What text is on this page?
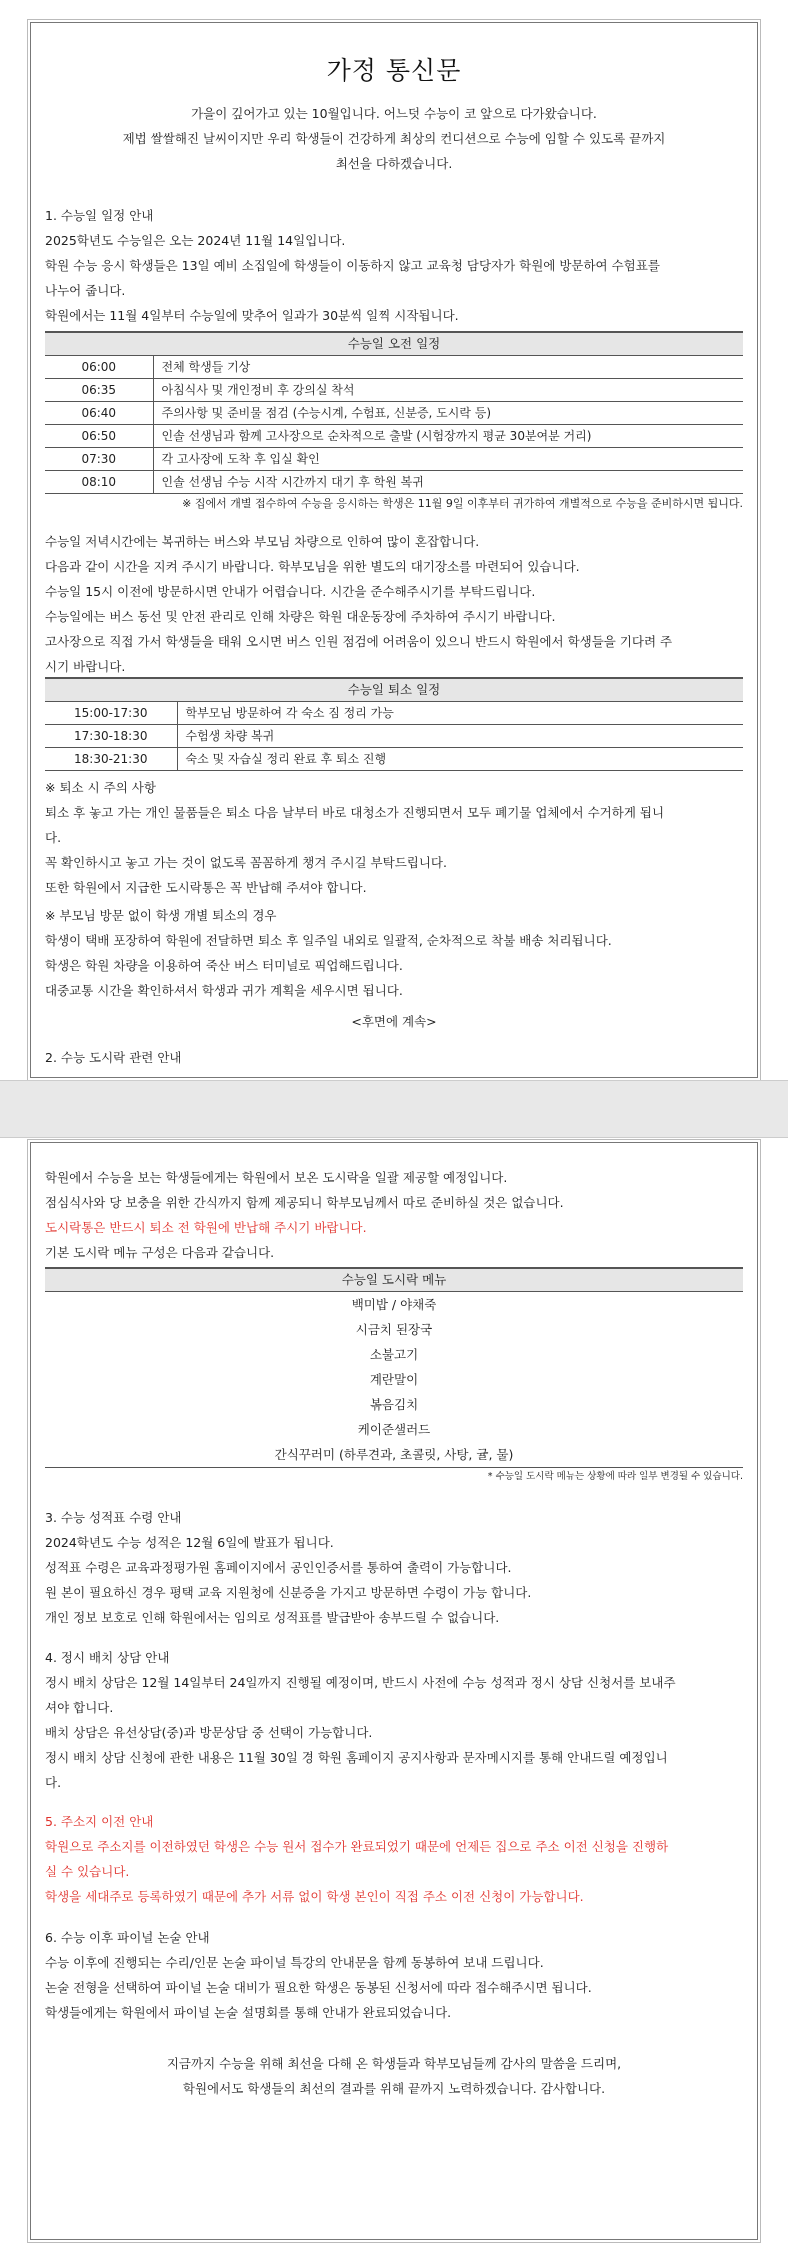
가정 통신문

가을이 깊어가고 있는 10월입니다. 어느덧 수능이 코 앞으로 다가왔습니다.

제법 쌀쌀해진 날씨이지만 우리 학생들이 건강하게 최상의 컨디션으로 수능에 임할 수 있도록 끝까지

최선을 다하겠습니다.

1. 수능일 일정 안내

2025학년도 수능일은 오는 2024년 11월 14일입니다.

학원 수능 응시 학생들은 13일 예비 소집일에 학생들이 이동하지 않고 교육청 담당자가 학원에 방문하여 수험표를

나누어 줍니다.

학원에서는 11월 4일부터 수능일에 맞추어 일과가 30분씩 일찍 시작됩니다.

수능일 오전 일정
06:00	전체 학생들 기상
06:35	아침식사 및 개인정비 후 강의실 착석
06:40	주의사항 및 준비물 점검 (수능시계, 수험표, 신분증, 도시락 등)
06:50	인솔 선생님과 함께 고사장으로 순차적으로 출발 (시험장까지 평균 30분여분 거리)
07:30	각 고사장에 도착 후 입실 확인
08:10	인솔 선생님 수능 시작 시간까지 대기 후 학원 복귀

※ 집에서 개별 접수하여 수능을 응시하는 학생은 11월 9일 이후부터 귀가하여 개별적으로 수능을 준비하시면 됩니다.

수능일 저녁시간에는 복귀하는 버스와 부모님 차량으로 인하여 많이 혼잡합니다.

다음과 같이 시간을 지켜 주시기 바랍니다. 학부모님을 위한 별도의 대기장소를 마련되어 있습니다.

수능일 15시 이전에 방문하시면 안내가 어렵습니다. 시간을 준수해주시기를 부탁드립니다.

수능일에는 버스 동선 및 안전 관리로 인해 차량은 학원 대운동장에 주차하여 주시기 바랍니다.

고사장으로 직접 가서 학생들을 태워 오시면 버스 인원 점검에 어려움이 있으니 반드시 학원에서 학생들을 기다려 주

시기 바랍니다.

수능일 퇴소 일정
15:00-17:30	학부모님 방문하여 각 숙소 짐 정리 가능
17:30-18:30	수험생 차량 복귀
18:30-21:30	숙소 및 자습실 정리 완료 후 퇴소 진행

※ 퇴소 시 주의 사항

퇴소 후 놓고 가는 개인 물품들은 퇴소 다음 날부터 바로 대청소가 진행되면서 모두 폐기물 업체에서 수거하게 됩니

다.

꼭 확인하시고 놓고 가는 것이 없도록 꼼꼼하게 챙겨 주시길 부탁드립니다.

또한 학원에서 지급한 도시락통은 꼭 반납해 주셔야 합니다.

※ 부모님 방문 없이 학생 개별 퇴소의 경우

학생이 택배 포장하여 학원에 전달하면 퇴소 후 일주일 내외로 일괄적, 순차적으로 착불 배송 처리됩니다.

학생은 학원 차량을 이용하여 죽산 버스 터미널로 픽업해드립니다.

대중교통 시간을 확인하셔서 학생과 귀가 계획을 세우시면 됩니다.

<후면에 계속>

2. 수능 도시락 관련 안내

학원에서 수능을 보는 학생들에게는 학원에서 보온 도시락을 일괄 제공할 예정입니다.

점심식사와 당 보충을 위한 간식까지 함께 제공되니 학부모님께서 따로 준비하실 것은 없습니다.

도시락통은 반드시 퇴소 전 학원에 반납해 주시기 바랍니다.

기본 도시락 메뉴 구성은 다음과 같습니다.

수능일 도시락 메뉴

백미밥 / 야채죽

시금치 된장국

소불고기

계란말이

볶음김치

케이준샐러드

간식꾸러미 (하루견과, 초콜릿, 사탕, 귤, 물)

* 수능일 도시락 메뉴는 상황에 따라 일부 변경될 수 있습니다.

3. 수능 성적표 수령 안내

2024학년도 수능 성적은 12월 6일에 발표가 됩니다.

성적표 수령은 교육과정평가원 홈페이지에서 공인인증서를 통하여 출력이 가능합니다.

원 본이 필요하신 경우 평택 교육 지원청에 신분증을 가지고 방문하면 수령이 가능 합니다.

개인 정보 보호로 인해 학원에서는 임의로 성적표를 발급받아 송부드릴 수 없습니다.

4. 정시 배치 상담 안내

정시 배치 상담은 12월 14일부터 24일까지 진행될 예정이며, 반드시 사전에 수능 성적과 정시 상담 신청서를 보내주

셔야 합니다.

배치 상담은 유선상담(중)과 방문상담 중 선택이 가능합니다.

정시 배치 상담 신청에 관한 내용은 11월 30일 경 학원 홈페이지 공지사항과 문자메시지를 통해 안내드릴 예정입니

다.

5. 주소지 이전 안내

학원으로 주소지를 이전하였던 학생은 수능 원서 접수가 완료되었기 때문에 언제든 집으로 주소 이전 신청을 진행하

실 수 있습니다.

학생을 세대주로 등록하였기 때문에 추가 서류 없이 학생 본인이 직접 주소 이전 신청이 가능합니다.

6. 수능 이후 파이널 논술 안내

수능 이후에 진행되는 수리/인문 논술 파이널 특강의 안내문을 함께 동봉하여 보내 드립니다.

논술 전형을 선택하여 파이널 논술 대비가 필요한 학생은 동봉된 신청서에 따라 접수해주시면 됩니다.

학생들에게는 학원에서 파이널 논술 설명회를 통해 안내가 완료되었습니다.

지금까지 수능을 위해 최선을 다해 온 학생들과 학부모님들께 감사의 말씀을 드리며,

학원에서도 학생들의 최선의 결과를 위해 끝까지 노력하겠습니다. 감사합니다.
